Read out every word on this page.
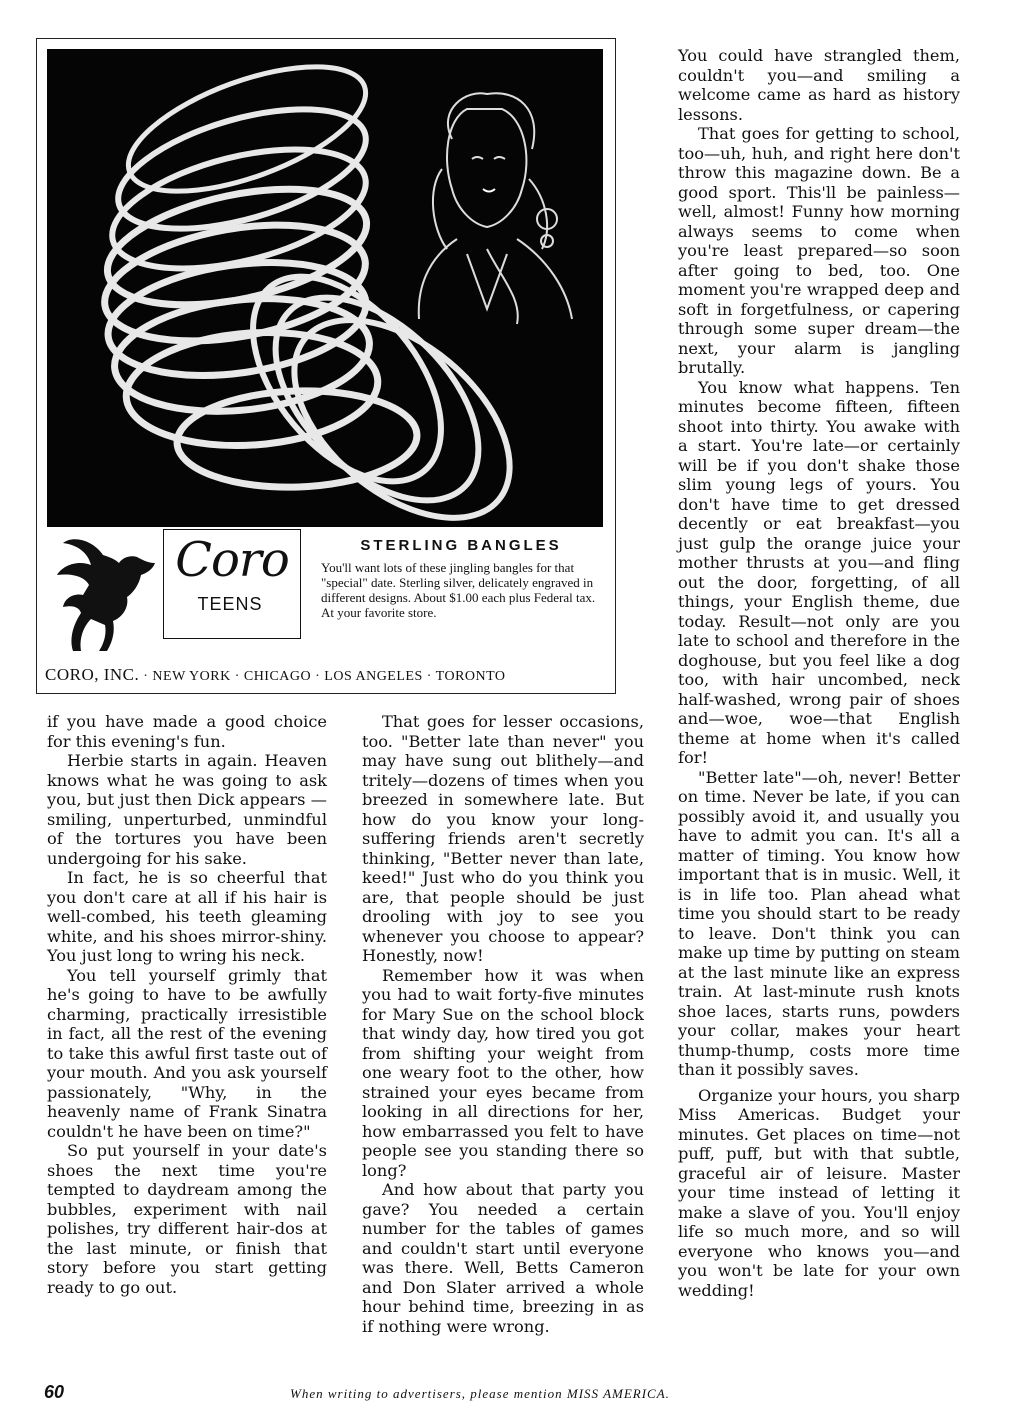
Coro
TEENS
STERLING BANGLES

You'll want lots of these jingling bangles for that "special" date. Sterling silver, delicately engraved in different designs. About $1.00 each plus Federal tax. At your favorite store.

CORO, INC. · NEW YORK · CHICAGO · LOS ANGELES · TORONTO

if you have made a good choice for this evening's fun.

Herbie starts in again. Heaven knows what he was going to ask you, but just then Dick appears —smiling, unperturbed, unmindful of the tortures you have been undergoing for his sake.

In fact, he is so cheerful that you don't care at all if his hair is well-combed, his teeth gleaming white, and his shoes mirror-shiny. You just long to wring his neck.

You tell yourself grimly that he's going to have to be awfully charming, practically irresistible in fact, all the rest of the evening to take this awful first taste out of your mouth. And you ask yourself passionately, "Why, in the heavenly name of Frank Sinatra couldn't he have been on time?"

So put yourself in your date's shoes the next time you're tempted to daydream among the bubbles, experiment with nail polishes, try different hair-dos at the last minute, or finish that story before you start getting ready to go out.

That goes for lesser occasions, too. "Better late than never" you may have sung out blithely—and tritely—dozens of times when you breezed in somewhere late. But how do you know your long-suffering friends aren't secretly thinking, "Better never than late, keed!" Just who do you think you are, that people should be just drooling with joy to see you whenever you choose to appear? Honestly, now!

Remember how it was when you had to wait forty-five minutes for Mary Sue on the school block that windy day, how tired you got from shifting your weight from one weary foot to the other, how strained your eyes became from looking in all directions for her, how embarrassed you felt to have people see you standing there so long?

And how about that party you gave? You needed a certain number for the tables of games and couldn't start until everyone was there. Well, Betts Cameron and Don Slater arrived a whole hour behind time, breezing in as if nothing were wrong.

You could have strangled them, couldn't you—and smiling a welcome came as hard as history lessons.

That goes for getting to school, too—uh, huh, and right here don't throw this magazine down. Be a good sport. This'll be painless—well, almost! Funny how morning always seems to come when you're least prepared—so soon after going to bed, too. One moment you're wrapped deep and soft in forgetfulness, or capering through some super dream—the next, your alarm is jangling brutally.

You know what happens. Ten minutes become fifteen, fifteen shoot into thirty. You awake with a start. You're late—or certainly will be if you don't shake those slim young legs of yours. You don't have time to get dressed decently or eat breakfast—you just gulp the orange juice your mother thrusts at you—and fling out the door, forgetting, of all things, your English theme, due today. Result—not only are you late to school and therefore in the doghouse, but you feel like a dog too, with hair uncombed, neck half-washed, wrong pair of shoes and—woe, woe—that English theme at home when it's called for!

"Better late"—oh, never! Better on time. Never be late, if you can possibly avoid it, and usually you have to admit you can. It's all a matter of timing. You know how important that is in music. Well, it is in life too. Plan ahead what time you should start to be ready to leave. Don't think you can make up time by putting on steam at the last minute like an express train. At last-minute rush knots shoe laces, starts runs, powders your collar, makes your heart thump-thump, costs more time than it possibly saves.

Organize your hours, you sharp Miss Americas. Budget your minutes. Get places on time—not puff, puff, but with that subtle, graceful air of leisure. Master your time instead of letting it make a slave of you. You'll enjoy life so much more, and so will everyone who knows you—and you won't be late for your own wedding!

60	When writing to advertisers, please mention MISS AMERICA.
